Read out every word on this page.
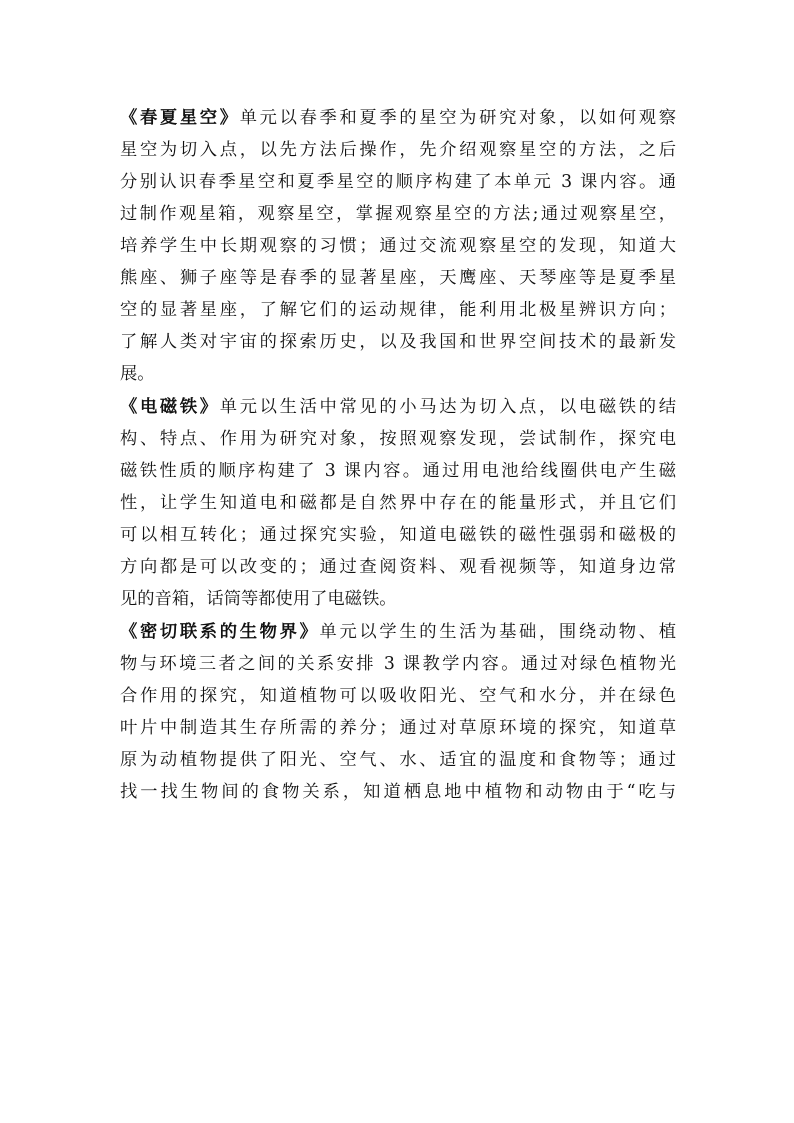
《春夏星空》单元以春季和夏季的星空为研究对象，以如何观察
星空为切入点，以先方法后操作，先介绍观察星空的方法，之后
分别认识春季星空和夏季星空的顺序构建了本单元 3 课内容。通
过制作观星箱，观察星空，掌握观察星空的方法;通过观察星空，
培养学生中长期观察的习惯；通过交流观察星空的发现，知道大
熊座、狮子座等是春季的显著星座，天鹰座、天琴座等是夏季星
空的显著星座，了解它们的运动规律，能利用北极星辨识方向；
了解人类对宇宙的探索历史，以及我国和世界空间技术的最新发
展。
《电磁铁》单元以生活中常见的小马达为切入点，以电磁铁的结
构、特点、作用为研究对象，按照观察发现，尝试制作，探究电
磁铁性质的顺序构建了 3 课内容。通过用电池给线圈供电产生磁
性，让学生知道电和磁都是自然界中存在的能量形式，并且它们
可以相互转化；通过探究实验，知道电磁铁的磁性强弱和磁极的
方向都是可以改变的；通过查阅资料、观看视频等，知道身边常
见的音箱，话筒等都使用了电磁铁。
《密切联系的生物界》单元以学生的生活为基础，围绕动物、植
物与环境三者之间的关系安排 3 课教学内容。通过对绿色植物光
合作用的探究，知道植物可以吸收阳光、空气和水分，并在绿色
叶片中制造其生存所需的养分；通过对草原环境的探究，知道草
原为动植物提供了阳光、空气、水、适宜的温度和食物等；通过
找一找生物间的食物关系，知道栖息地中植物和动物由于“吃与
